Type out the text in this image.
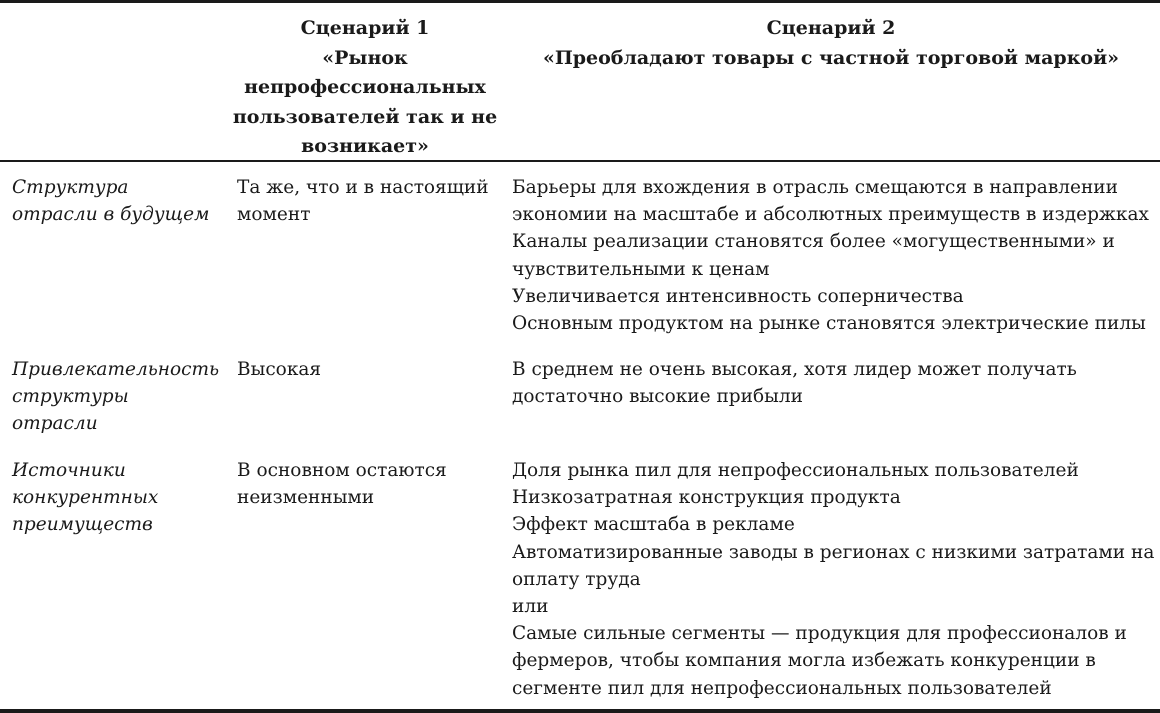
Сценарий 1
«Рынок
непрофессиональных
пользователей так и не
возникает»
Сценарий 2
«Преобладают товары с частной торговой маркой»
Структура
отрасли в будущем
Та же, что и в настоящий
момент
Барьеры для вхождения в отрасль смещаются в направлении
экономии на масштабе и абсолютных преимуществ в издержках
Каналы реализации становятся более «могущественными» и
чувствительными к ценам
Увеличивается интенсивность соперничества
Основным продуктом на рынке становятся электрические пилы
Привлекательность
структуры
отрасли
Высокая	В среднем не очень высокая, хотя лидер может получать
достаточно высокие прибыли
Источники
конкурентных
преимуществ
В основном остаются
неизменными
Доля рынка пил для непрофессиональных пользователей
Низкозатратная конструкция продукта
Эффект масштаба в рекламе
Автоматизированные заводы в регионах с низкими затратами на
оплату труда
или
Самые сильные сегменты — продукция для профессионалов и
фермеров, чтобы компания могла избежать конкуренции в
сегменте пил для непрофессиональных пользователей
